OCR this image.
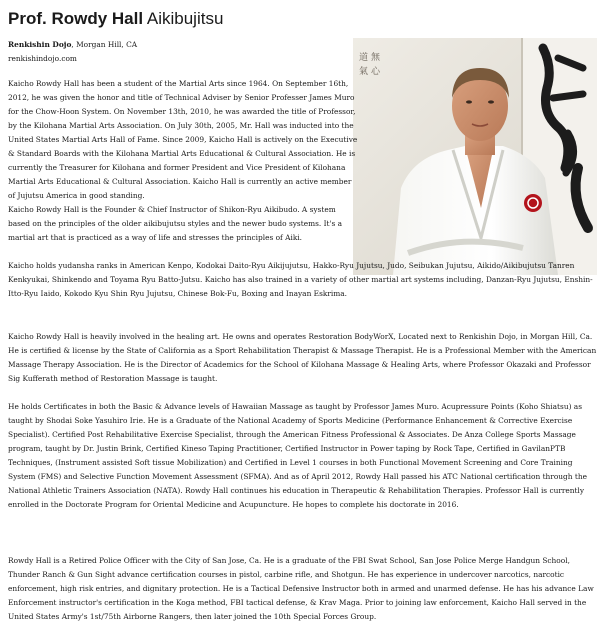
Prof. Rowdy Hall Aikibujitsu
Renkishin Dojo, Morgan Hill, CA
renkishindojo.com	無
心
道
氣

Kaicho Rowdy Hall has been a student of the Martial Arts since 1964. On September 16th, 2012, he was given the honor and title of Technical Adviser by Senior Professer James Muro for the Chow-Hoon System. On November 13th, 2010, he was awarded the title of Professor, by the Kilohana Martial Arts Association. On July 30th, 2005, Mr. Hall was inducted into the United States Martial Arts Hall of Fame. Since 2009, Kaicho Hall is actively on the Executive & Standard Boards with the Kilohana Martial Arts Educational & Cultural Association. He is currently the Treasurer for Kilohana and former President and Vice President of Kilohana Martial Arts Educational & Cultural Association. Kaicho Hall is currently an active member of Jujutsu America in good standing.

Kaicho Rowdy Hall is the Founder & Chief Instructor of Shikon-Ryu Aikibudo. A system based on the principles of the older aikibujutsu styles and the newer budo systems. It's a martial art that is practiced as a way of life and stresses the principles of Aiki.

Kaicho holds yudansha ranks in American Kenpo, Kodokai Daito-Ryu Aikijujutsu, Hakko-Ryu Jujutsu, Judo, Seibukan Jujutsu, Aikido/Aikibujutsu Tanren Kenkyukai, Shinkendo and Toyama Ryu Batto-Jutsu. Kaicho has also trained in a variety of other martial art systems including, Danzan-Ryu Jujutsu, Enshin-Itto-Ryu Iaido, Kokodo Kyu Shin Ryu Jujutsu, Chinese Bok-Fu, Boxing and Inayan Eskrima.

Kaicho Rowdy Hall is heavily involved in the healing art. He owns and operates Restoration BodyWorX, Located next to Renkishin Dojo, in Morgan Hill, Ca. He is certified & license by the State of California as a Sport Rehabilitation Therapist & Massage Therapist. He is a Professional Member with the American Massage Therapy Association. He is the Director of Academics for the School of Kilohana Massage & Healing Arts, where Professor Okazaki and Professor Sig Kufferath method of Restoration Massage is taught.

He holds Certificates in both the Basic & Advance levels of Hawaiian Massage as taught by Professor James Muro. Acupressure Points (Koho Shiatsu) as taught by Shodai Soke Yasuhiro Irie. He is a Graduate of the National Academy of Sports Medicine (Performance Enhancement & Corrective Exercise Specialist). Certified Post Rehabilitative Exercise Specialist, through the American Fitness Professional & Associates. De Anza College Sports Massage program, taught by Dr. Justin Brink, Certified Kineso Taping Practitioner, Certified Instructor in Power taping by Rock Tape, Certified in GavilanPTB Techniques, (Instrument assisted Soft tissue Mobilization) and Certified in Level 1 courses in both Functional Movement Screening and Core Training System (FMS) and Selective Function Movement Assessment (SFMA). And as of April 2012, Rowdy Hall passed his ATC National certification through the National Athletic Trainers Association (NATA). Rowdy Hall continues his education in Therapeutic & Rehabilitation Therapies. Professor Hall is currently enrolled in the Doctorate Program for Oriental Medicine and Acupuncture. He hopes to complete his doctorate in 2016.

Rowdy Hall is a Retired Police Officer with the City of San Jose, Ca. He is a graduate of the FBI Swat School, San Jose Police Merge Handgun School, Thunder Ranch & Gun Sight advance certification courses in pistol, carbine rifle, and Shotgun. He has experience in undercover narcotics, narcotic enforcement, high risk entries, and dignitary protection. He is a Tactical Defensive Instructor both in armed and unarmed defense. He has his advance Law Enforcement instructor's certification in the Koga method, FBI tactical defense, & Krav Maga. Prior to joining law enforcement, Kaicho Hall served in the United States Army's 1st/75th Airborne Rangers, then later joined the 10th Special Forces Group.
